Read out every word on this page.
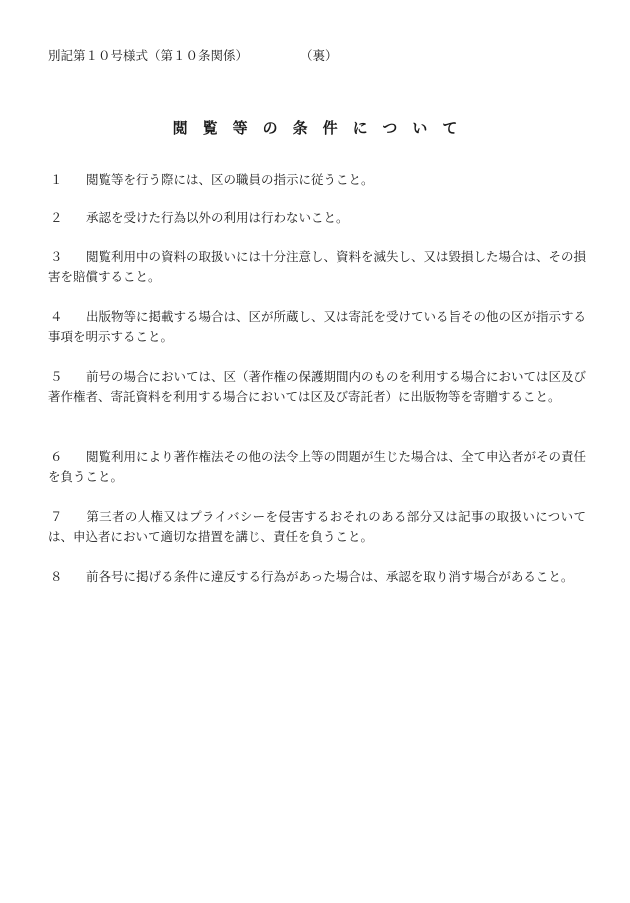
別記第１０号様式（第１０条関係）	（裏）
閲覧等の条件について
１ 閲覧等を行う際には、区の職員の指示に従うこと。
２ 承認を受けた行為以外の利用は行わないこと。
３ 閲覧利用中の資料の取扱いには十分注意し、資料を滅失し、又は毀損した場合は、その損害を賠償すること。
４ 出版物等に掲載する場合は、区が所蔵し、又は寄託を受けている旨その他の区が指示する事項を明示すること。
５ 前号の場合においては、区（著作権の保護期間内のものを利用する場合においては区及び著作権者、寄託資料を利用する場合においては区及び寄託者）に出版物等を寄贈すること。
６ 閲覧利用により著作権法その他の法令上等の問題が生じた場合は、全て申込者がその責任を負うこと。
７ 第三者の人権又はプライバシーを侵害するおそれのある部分又は記事の取扱いについては、申込者において適切な措置を講じ、責任を負うこと。
８ 前各号に掲げる条件に違反する行為があった場合は、承認を取り消す場合があること。
